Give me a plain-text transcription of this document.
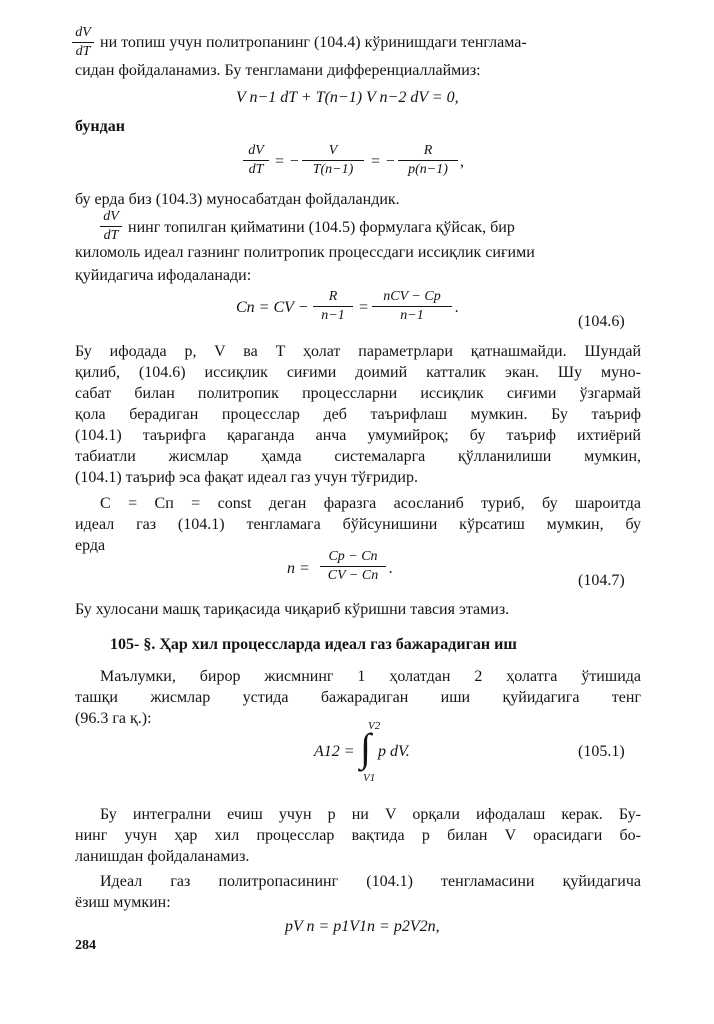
dV
dT
ни топиш учун политропанинг (104.4) кўринишдаги тенглама-
сидан фойдаланамиз. Бу тенгламани дифференциаллаймиз:
V n−1 dT + T(n−1) V n−2 dV = 0,
бундан
dV
dT = −
V
T(n−1)	= −
R
p(n−1) ,
бу ерда биз (104.3) муносабатдан фойдаландик.
dV
dT нинг топилган қийматини (104.5) формулага қўйсак, бир
киломоль идеал газнинг политропик процессдаги иссиқлик сиғими
қуйидагича ифодаланади:
Cп = CV −
R
n−1 =
nCV − Cp
n−1	.
(104.6)
Бу ифодада p, V ва T ҳолат параметрлари қатнашмайди. Шундай
қилиб, (104.6) иссиқлик сиғими доимий катталик экан. Шу муно-
сабат билан политропик процессларни иссиқлик сиғими ўзгармай
қола берадиган процесслар деб таърифлаш мумкин. Бу таъриф
(104.1) таърифга қараганда анча умумийроқ; бу таъриф ихтиёрий
табиатли жисмлар ҳамда системаларга қўлланилиши мумкин,
(104.1) таъриф эса фақат идеал газ учун тўғридир.
C = Cп = const деган фаразга асосланиб туриб, бу шароитда
идеал газ (104.1) тенгламага бўйсунишини кўрсатиш мумкин, бу
ерда
n =
Cp − Cп
CV − Cп .
(104.7)
Бу хулосани машқ тариқасида чиқариб кўришни тавсия этамиз.
105- §. Ҳар хил процессларда идеал газ бажарадиган иш
Маълумки, бирор жисмнинг 1 ҳолатдан 2 ҳолатга ўтишида
ташқи жисмлар устида бажарадиган иши қуйидагига тенг
(96.3 га қ.):
A12 =
V2
∫
V1
p dV.	(105.1)
Бу интегрални ечиш учун p ни V орқали ифодалаш керак. Бу-
нинг учун ҳар хил процесслар вақтида p билан V орасидаги бо-
ланишдан фойдаланамиз.
Идеал газ политропасининг (104.1) тенгламасини қуйидагича
ёзиш мумкин:
pV n = p1V1n = p2V2n,
284
